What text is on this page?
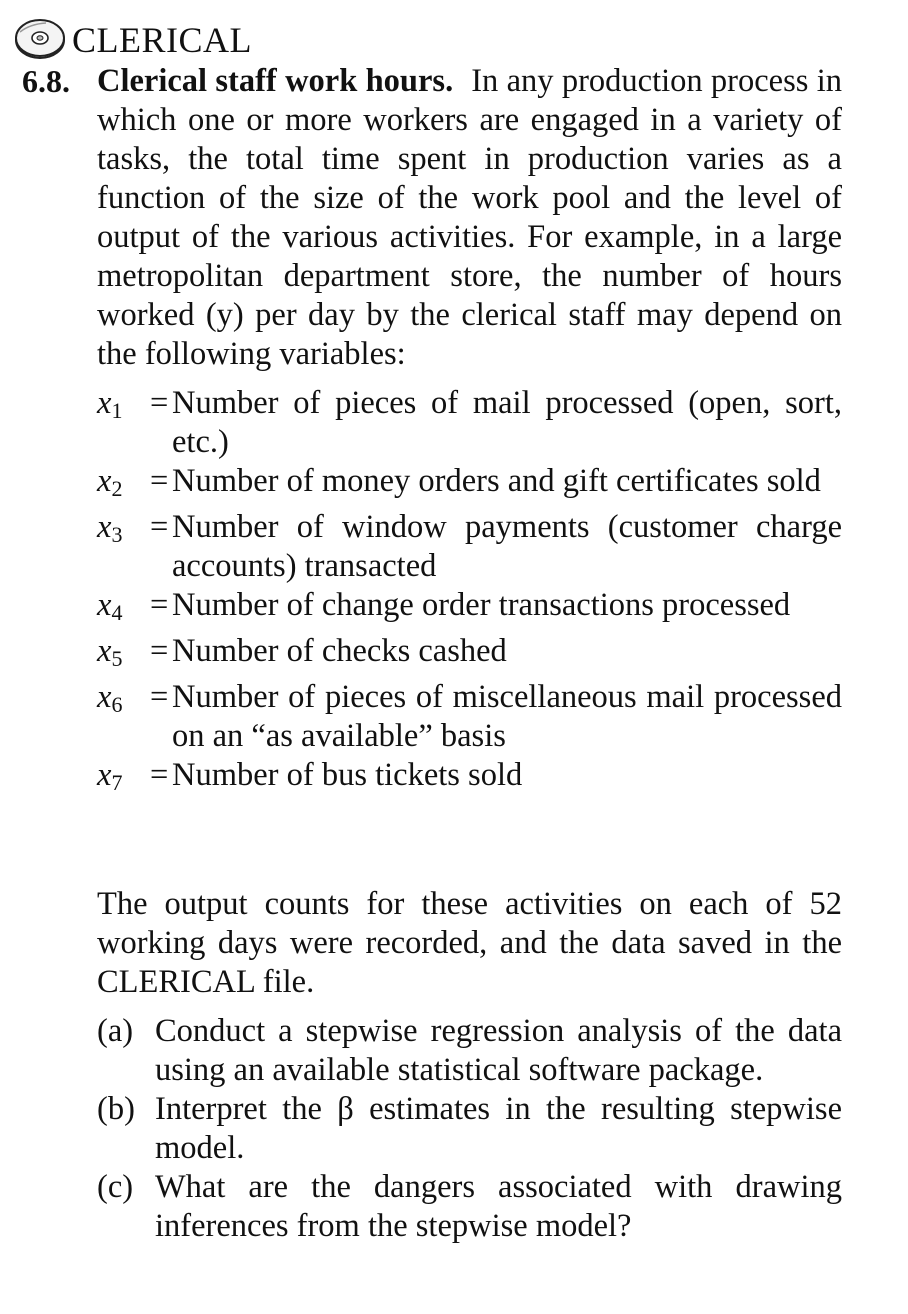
CLERICAL
6.8. Clerical staff work hours. In any production process in which one or more workers are engaged in a variety of tasks, the total time spent in production varies as a function of the size of the work pool and the level of output of the various activities. For example, in a large metropolitan department store, the number of hours worked (y) per day by the clerical staff may depend on the following variables:
$x_1$ = Number of pieces of mail processed (open, sort, etc.)
$x_2$ = Number of money orders and gift certificates sold
$x_3$ = Number of window payments (customer charge accounts) transacted
$x_4$ = Number of change order transactions processed
$x_5$ = Number of checks cashed
$x_6$ = Number of pieces of miscellaneous mail processed on an “as available” basis
$x_7$ = Number of bus tickets sold
The output counts for these activities on each of 52 working days were recorded, and the data saved in the CLERICAL file.
(a) Conduct a stepwise regression analysis of the data using an available statistical software package.
(b) Interpret the β estimates in the resulting stepwise model.
(c) What are the dangers associated with drawing inferences from the stepwise model?
